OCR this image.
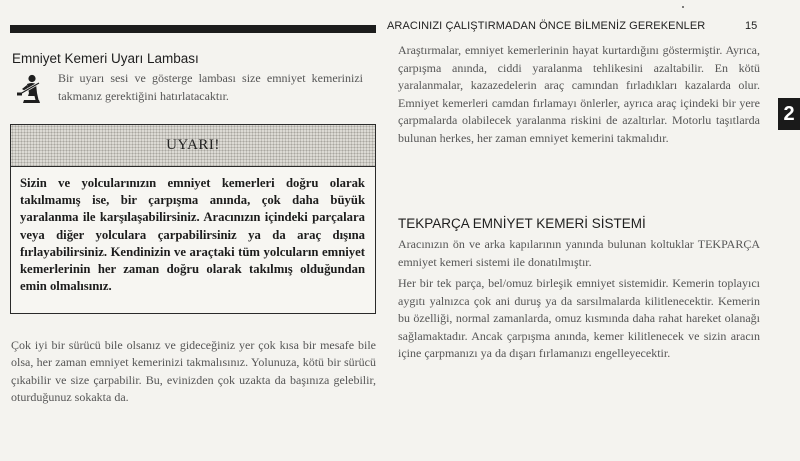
ARACINIZI ÇALIŞTIRMADAN ÖNCE BİLMENİZ GEREKENLER	15
2
Emniyet Kemeri Uyarı Lambası
Bir uyarı sesi ve gösterge lambası size emniyet kemerinizi takmanız gerektiğini hatırlatacaktır.
UYARI!
Sizin ve yolcularınızın emniyet kemerleri doğru olarak takılmamış ise, bir çarpışma anında, çok daha büyük yaralanma ile karşılaşabilirsiniz. Aracınızın içindeki parçalara veya diğer yolculara çarpabilirsiniz ya da araç dışına fırlayabilirsiniz. Kendinizin ve araçtaki tüm yolcuların emniyet kemerlerinin her zaman doğru olarak takılmış olduğundan emin olmalısınız.
Çok iyi bir sürücü bile olsanız ve gideceğiniz yer çok kısa bir mesafe bile olsa, her zaman emniyet kemerinizi takmalısınız. Yolunuza, kötü bir sürücü çıkabilir ve size çarpabilir. Bu, evinizden çok uzakta da başınıza gelebilir, oturduğunuz sokakta da.
Araştırmalar, emniyet kemerlerinin hayat kurtardığını göstermiştir. Ayrıca, çarpışma anında, ciddi yaralanma tehlikesini azaltabilir. En kötü yaralanmalar, kazazedelerin araç camından fırladıkları kazalarda olur. Emniyet kemerleri camdan fırlamayı önlerler, ayrıca araç içindeki bir yere çarpmalarda olabilecek yaralanma riskini de azaltırlar. Motorlu taşıtlarda bulunan herkes, her zaman emniyet kemerini takmalıdır.
TEKPARÇA EMNİYET KEMERİ SİSTEMİ
Aracınızın ön ve arka kapılarının yanında bulunan koltuklar TEKPARÇA emniyet kemeri sistemi ile donatılmıştır.
Her bir tek parça, bel/omuz birleşik emniyet sistemidir. Kemerin toplayıcı aygıtı yalnızca çok ani duruş ya da sarsılmalarda kilitlenecektir. Kemerin bu özelliği, normal zamanlarda, omuz kısmında daha rahat hareket olanağı sağlamaktadır. Ancak çarpışma anında, kemer kilitlenecek ve sizin aracın içine çarpmanızı ya da dışarı fırlamanızı engelleyecektir.
